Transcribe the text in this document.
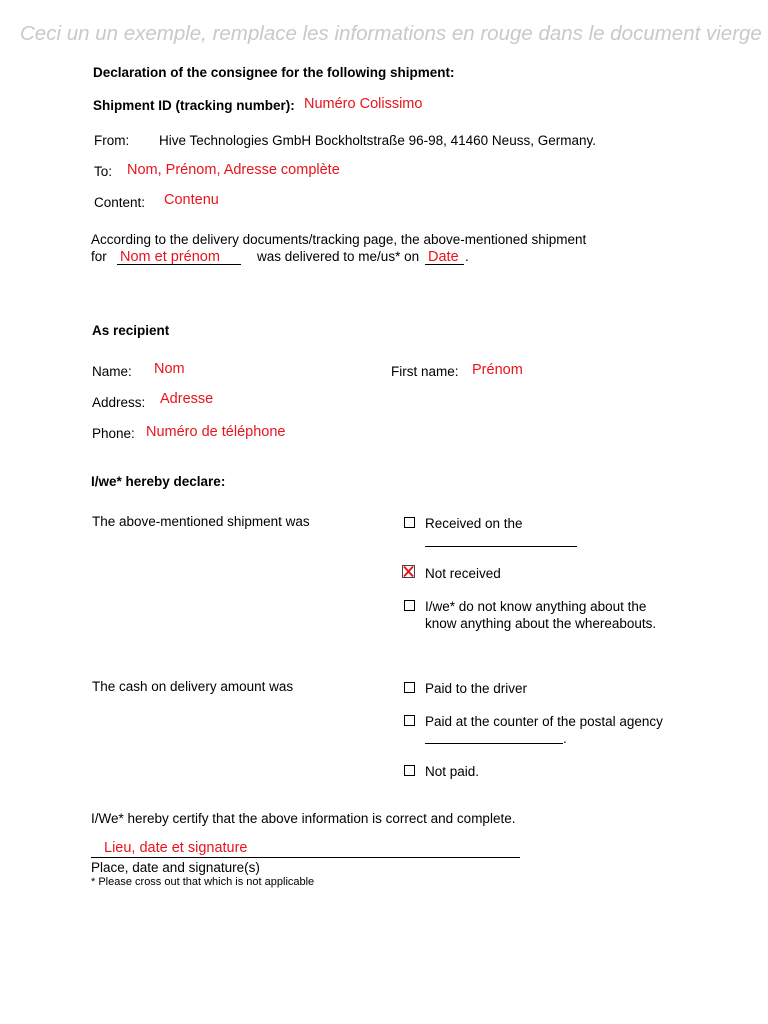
Ceci un un exemple, remplace les informations en rouge dans le document vierge
Declaration of the consignee for the following shipment:
Shipment ID (tracking number): Numéro Colissimo
From: Hive Technologies GmbH Bockholtstraße 96-98, 41460 Neuss, Germany.
To: Nom, Prénom, Adresse complète
Content: Contenu
According to the delivery documents/tracking page, the above-mentioned shipment
for Nom et prénom	was delivered to me/us* on Date .
As recipient
Name: Nom	First name: Prénom
Address: Adresse
Phone: Numéro de téléphone
I/we* hereby declare:
The above-mentioned shipment was	Received on the
Not received
I/we* do not know anything about the
know anything about the whereabouts.
The cash on delivery amount was	Paid to the driver
Paid at the counter of the postal agency
.
Not paid.
I/We* hereby certify that the above information is correct and complete.
Lieu, date et signature
Place, date and signature(s)
* Please cross out that which is not applicable
